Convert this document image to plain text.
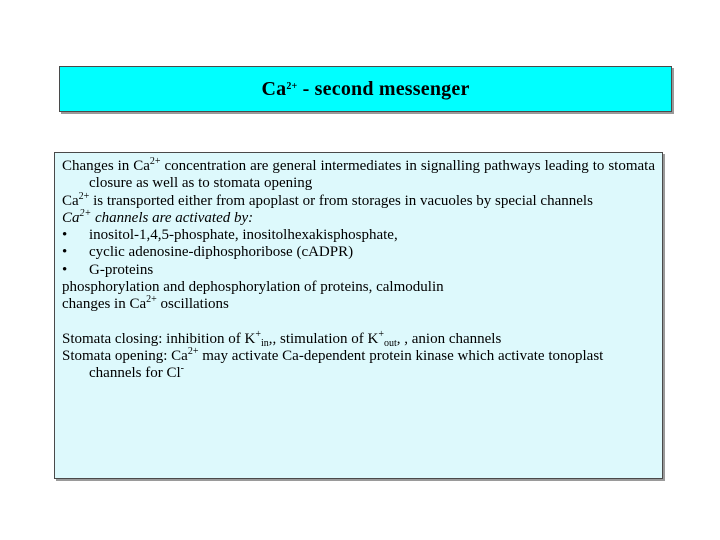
$Ca^{2+}$ - second messenger

Changes in $Ca^{2+}$ concentration are general intermediates in signalling pathways leading to stomata closure as well as to stomata opening

$Ca^{2+}$ is transported either from apoplast or from storages in vacuoles by special channels

$Ca^{2+}$ channels are activated by:

•	inositol-1,4,5-phosphate, inositolhexakisphosphate,
•	cyclic adenosine-diphosphoribose (cADPR)
•	G-proteins

phosphorylation and dephosphorylation of proteins, calmodulin

changes in $Ca^{2+}$ oscillations

Stomata closing: inhibition of $K^+_{in}$,, stimulation of $K^+_{out}$, , anion channels

Stomata opening: $Ca^{2+}$ may activate Ca-dependent protein kinase which activate tonoplast channels for Cl-
